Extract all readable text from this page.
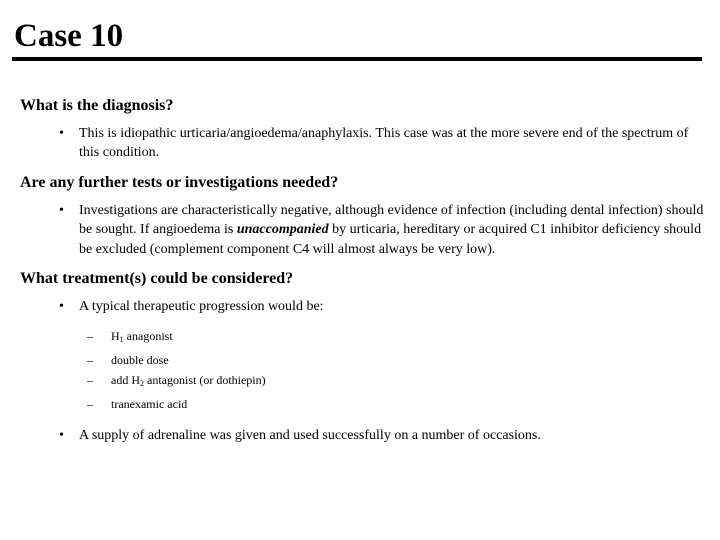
Case 10

What is the diagnosis?

• This is idiopathic urticaria/angioedema/anaphylaxis. This case was at the more severe end of the spectrum of this condition.

Are any further tests or investigations needed?

• Investigations are characteristically negative, although evidence of infection (including dental infection) should be sought. If angioedema is unaccompanied by urticaria, hereditary or acquired C1 inhibitor deficiency should be excluded (complement component C4 will almost always be very low).

What treatment(s) could be considered?

• A typical therapeutic progression would be:
– $H_1$ anagonist
– double dose
– add $H_2$ antagonist (or dothiepin)
– tranexamic acid
• A supply of adrenaline was given and used successfully on a number of occasions.
